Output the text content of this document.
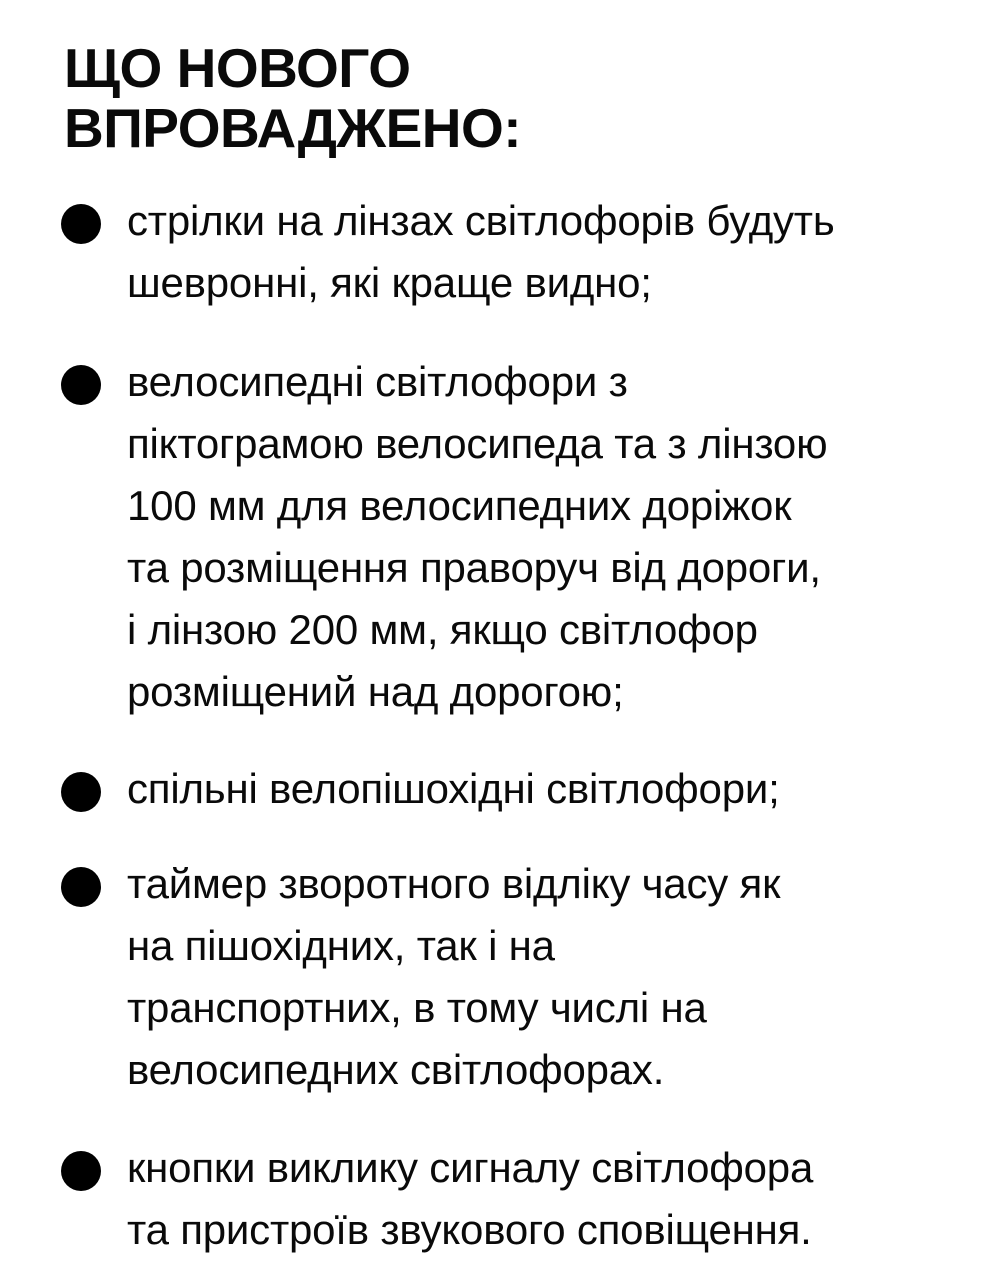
ЩО НОВОГО
ВПРОВАДЖЕНО:
стрілки на лінзах світлофорів будуть
шевронні, які краще видно;
велосипедні світлофори з
піктограмою велосипеда та з лінзою
100 мм для велосипедних доріжок
та розміщення праворуч від дороги,
і лінзою 200 мм, якщо світлофор
розміщений над дорогою;
спільні велопішохідні світлофори;
таймер зворотного відліку часу як
на пішохідних, так і на
транспортних, в тому числі на
велосипедних світлофорах.
кнопки виклику сигналу світлофора
та пристроїв звукового сповіщення.
